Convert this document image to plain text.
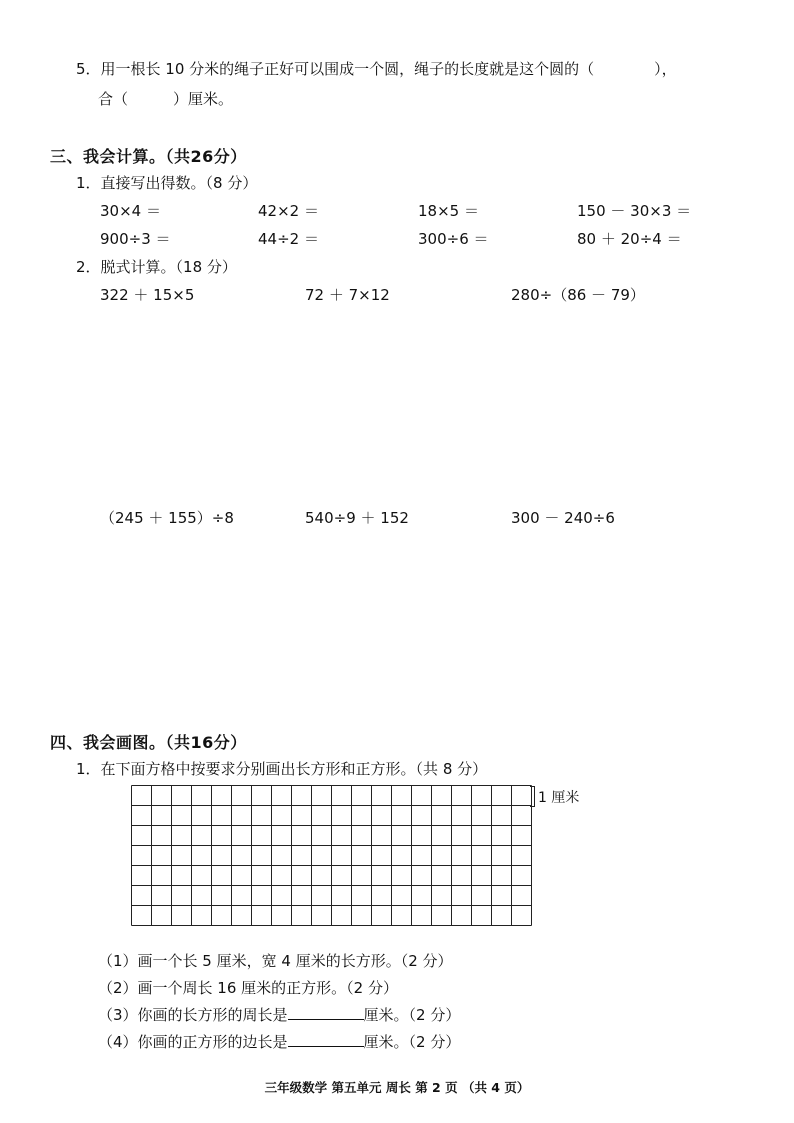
5．用一根长 10 分米的绳子正好可以围成一个圆，绳子的长度就是这个圆的（　　　　），
合（　　　）厘米。
三、我会计算。（共26分）
1．直接写出得数。（8 分）
30×4 ＝	42×2 ＝	18×5 ＝	150 － 30×3 ＝
900÷3 ＝	44÷2 ＝	300÷6 ＝	80 ＋ 20÷4 ＝
2．脱式计算。（18 分）
322 ＋ 15×5	72 ＋ 7×12	280÷（86 － 79）
（245 ＋ 155）÷8	540÷9 ＋ 152	300 － 240÷6
四、我会画图。（共16分）
1．在下面方格中按要求分别画出长方形和正方形。（共 8 分）
1 厘米
（1）画一个长 5 厘米，宽 4 厘米的长方形。（2 分）
（2）画一个周长 16 厘米的正方形。（2 分）
（3）你画的长方形的周长是	厘米。（2 分）
（4）你画的正方形的边长是	厘米。（2 分）
三年级数学 第五单元 周长 第 2 页 （共 4 页）
